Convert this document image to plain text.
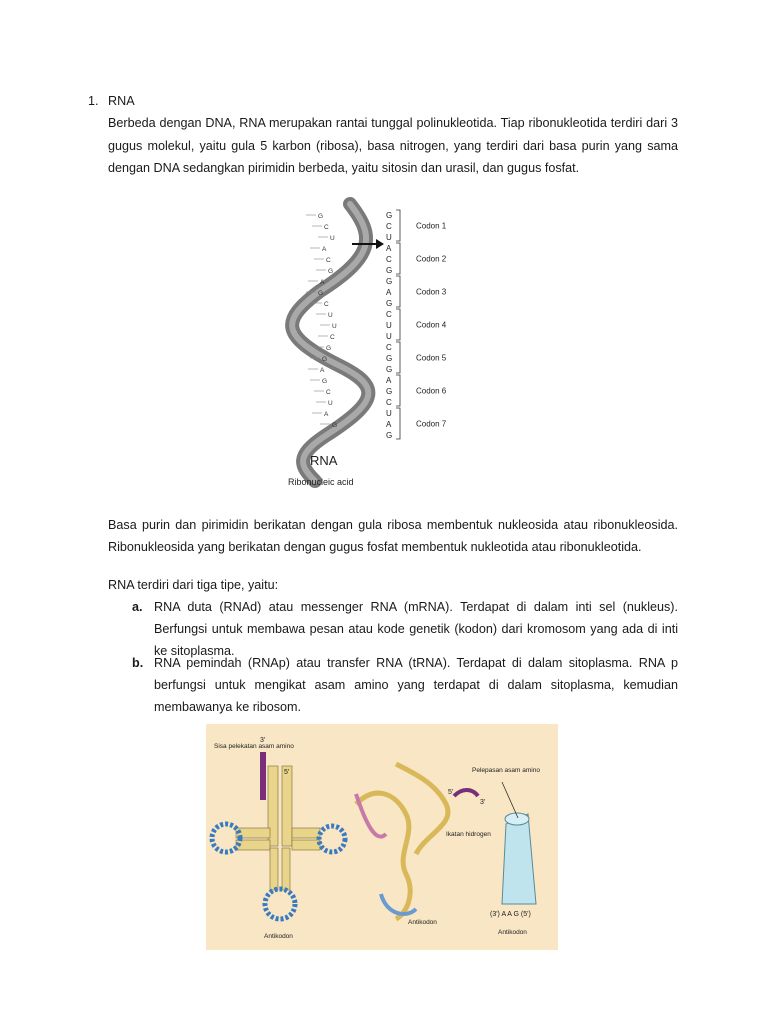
1. RNA
Berbeda dengan DNA, RNA merupakan rantai tunggal polinukleotida. Tiap ribonukleotida terdiri dari 3 gugus molekul, yaitu gula 5 karbon (ribosa), basa nitrogen, yang terdiri dari basa purin yang sama dengan DNA sedangkan pirimidin berbeda, yaitu sitosin dan urasil, dan gugus fosfat.
G
C
U
A
C
G
A
G
C
U
U
C
G
G
A
G
C
U
A
G
G
C
U
A
C
G
G
A
G
C
U
U
C
G
G
A
G
C
U
A
G
Codon 1
Codon 2
Codon 3
Codon 4
Codon 5
Codon 6
Codon 7
RNA
Ribonucleic acid
Basa purin dan pirimidin berikatan dengan gula ribosa membentuk nukleosida atau ribonukleosida. Ribonukleosida yang berikatan dengan gugus fosfat membentuk nukleotida atau ribonukleotida.
RNA terdiri dari tiga tipe, yaitu:
a. RNA duta (RNAd) atau messenger RNA (mRNA). Terdapat di dalam inti sel (nukleus). Berfungsi untuk membawa pesan atau kode genetik (kodon) dari kromosom yang ada di inti ke sitoplasma.
b. RNA pemindah (RNAp) atau transfer RNA (tRNA). Terdapat di dalam sitoplasma. RNA p berfungsi untuk mengikat asam amino yang terdapat di dalam sitoplasma, kemudian membawanya ke ribosom.
Sisa pelekatan asam amino
3'
5'
Antikodon
5'
3'
Ikatan hidrogen
Antikodon
Pelepasan asam amino
(3') A A G (5')
Antikodon
